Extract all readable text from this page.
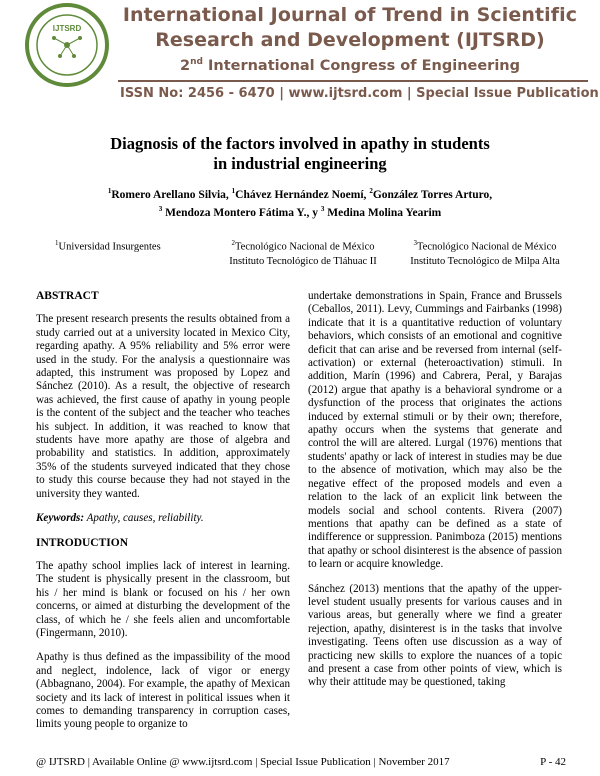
IJTSRD
International Journal of Trend in Scientific
Research and Development (IJTSRD)
2nd International Congress of Engineering
ISSN No: 2456 - 6470 | www.ijtsrd.com | Special Issue Publication
Diagnosis of the factors involved in apathy in students
in industrial engineering
$^1$Romero Arellano Silvia, $^1$Chávez Hernández Noemí, $^2$González Torres Arturo,
$^3$ Mendoza Montero Fátima Y., y $^3$ Medina Molina Yearim
$^1$Universidad Insurgentes	$^2$Tecnológico Nacional de México
Instituto Tecnológico de Tláhuac II
$^3$Tecnológico Nacional de México
Instituto Tecnológico de Milpa Alta
ABSTRACT

The present research presents the results obtained from a study carried out at a university located in Mexico City, regarding apathy. A 95% reliability and 5% error were used in the study. For the analysis a questionnaire was adapted, this instrument was proposed by Lopez and Sánchez (2010). As a result, the objective of research was achieved, the first cause of apathy in young people is the content of the subject and the teacher who teaches his subject. In addition, it was reached to know that students have more apathy are those of algebra and probability and statistics. In addition, approximately 35% of the students surveyed indicated that they chose to study this course because they had not stayed in the university they wanted.

Keywords: Apathy, causes, reliability.

INTRODUCTION

The apathy school implies lack of interest in learning. The student is physically present in the classroom, but his / her mind is blank or focused on his / her own concerns, or aimed at disturbing the development of the class, of which he / she feels alien and uncomfortable (Fingermann, 2010).

Apathy is thus defined as the impassibility of the mood and neglect, indolence, lack of vigor or energy (Abbagnano, 2004). For example, the apathy of Mexican society and its lack of interest in political issues when it comes to demanding transparency in corruption cases, limits young people to organize to

undertake demonstrations in Spain, France and Brussels (Ceballos, 2011). Levy, Cummings and Fairbanks (1998) indicate that it is a quantitative reduction of voluntary behaviors, which consists of an emotional and cognitive deficit that can arise and be reversed from internal (self-activation) or external (heteroactivation) stimuli. In addition, Marín (1996) and Cabrera, Peral, y Barajas (2012) argue that apathy is a behavioral syndrome or a dysfunction of the process that originates the actions induced by external stimuli or by their own; therefore, apathy occurs when the systems that generate and control the will are altered. Lurgal (1976) mentions that students' apathy or lack of interest in studies may be due to the absence of motivation, which may also be the negative effect of the proposed models and even a relation to the lack of an explicit link between the models social and school contents. Rivera (2007) mentions that apathy can be defined as a state of indifference or suppression. Panimboza (2015) mentions that apathy or school disinterest is the absence of passion to learn or acquire knowledge.

Sánchez (2013) mentions that the apathy of the upper-level student usually presents for various causes and in various areas, but generally where we find a greater rejection, apathy, disinterest is in the tasks that involve investigating. Teens often use discussion as a way of practicing new skills to explore the nuances of a topic and present a case from other points of view, which is why their attitude may be questioned, taking

@ IJTSRD | Available Online @ www.ijtsrd.com | Special Issue Publication | November 2017	P - 42
